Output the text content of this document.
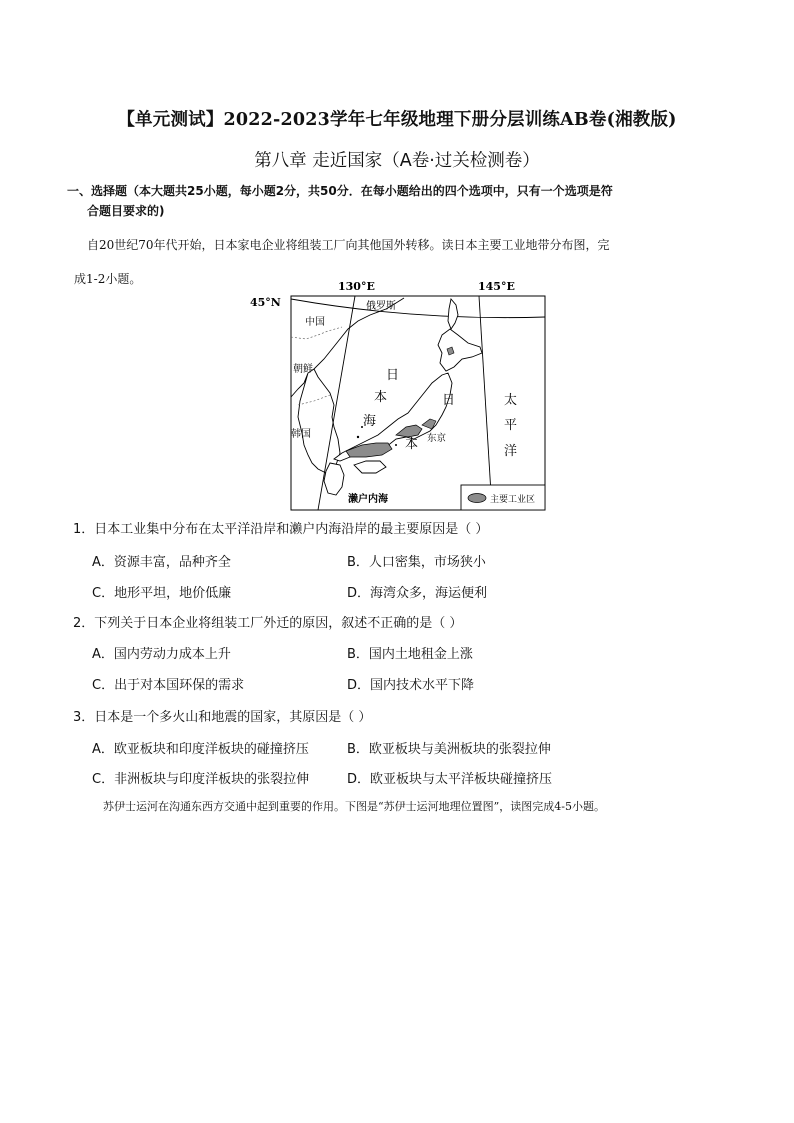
【单元测试】2022-2023学年七年级地理下册分层训练AB卷(湘教版)
第八章 走近国家（A卷·过关检测卷）
一、选择题（本大题共25小题，每小题2分，共50分．在每小题给出的四个选项中，只有一个选项是符
合题目要求的)
自20世纪70年代开始，日本家电企业将组装工厂向其他国外转移。读日本主要工业地带分布图，完
成1-2小题。
130°E	145°E
45°N	俄罗斯
中国
朝鲜
韩国
日
本
海
日
本 东京
太
平
洋
濑户内海	主要工业区
1．日本工业集中分布在太平洋沿岸和濑户内海沿岸的最主要原因是（ ）
A．资源丰富，品种齐全	B．人口密集，市场狭小
C．地形平坦，地价低廉	D．海湾众多，海运便利
2．下列关于日本企业将组装工厂外迁的原因，叙述不正确的是（ ）
A．国内劳动力成本上升	B．国内土地租金上涨
C．出于对本国环保的需求	D．国内技术水平下降
3．日本是一个多火山和地震的国家，其原因是（ ）
A．欧亚板块和印度洋板块的碰撞挤压	B．欧亚板块与美洲板块的张裂拉伸
C．非洲板块与印度洋板块的张裂拉伸	D．欧亚板块与太平洋板块碰撞挤压
苏伊士运河在沟通东西方交通中起到重要的作用。下图是“苏伊士运河地理位置图”，读图完成4-5小题。
